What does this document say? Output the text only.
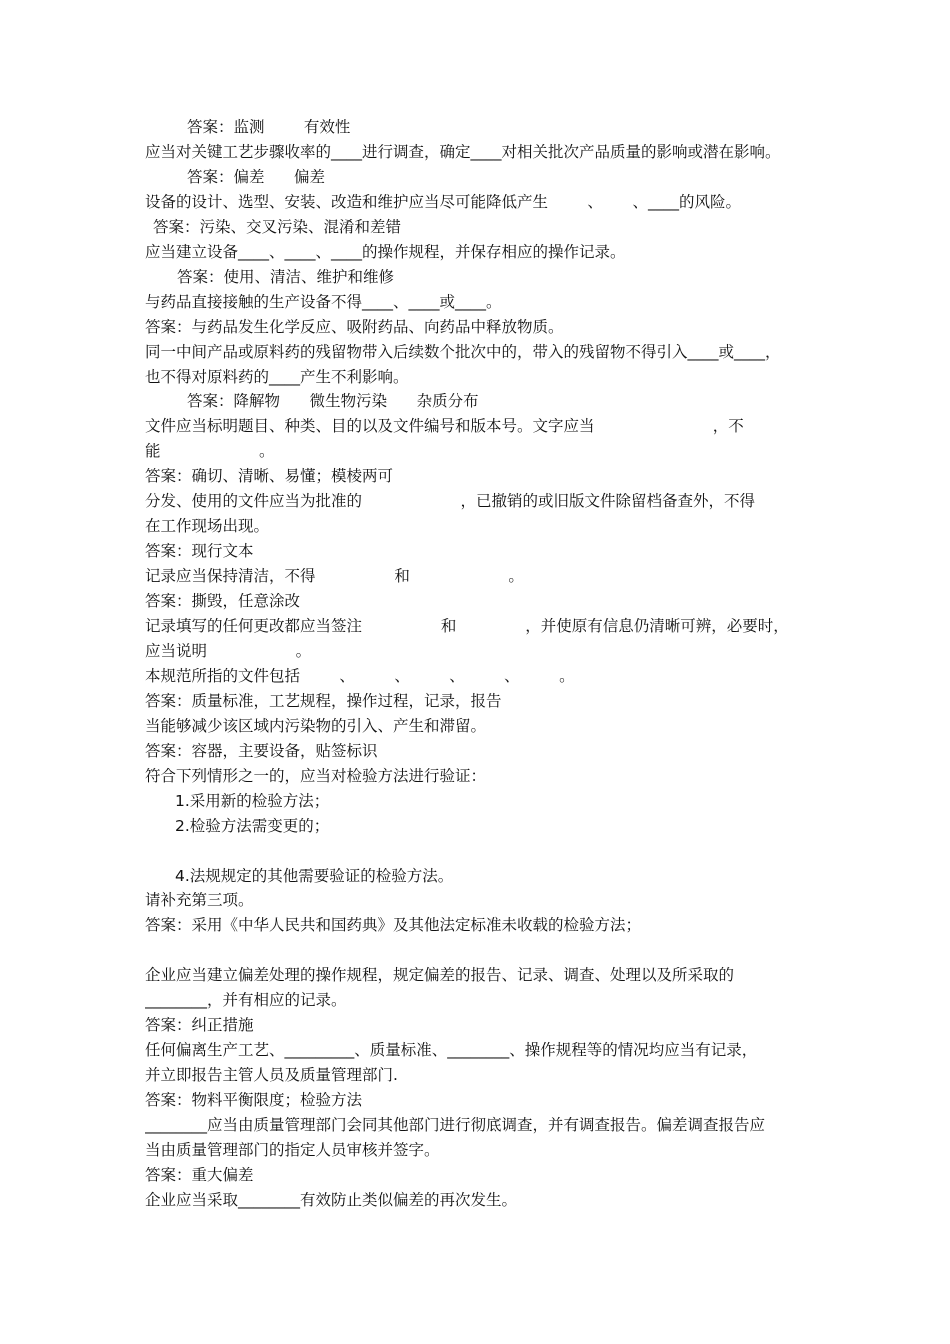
答案：监测        有效性
应当对关键工艺步骤收率的____进行调查，确定____对相关批次产品质量的影响或潜在影响。
答案：偏差      偏差
设备的设计、选型、安装、改造和维护应当尽可能降低产生        、      、____的风险。
答案：污染、交叉污染、混淆和差错
应当建立设备____、____、____的操作规程，并保存相应的操作记录。
答案：使用、清洁、维护和维修
与药品直接接触的生产设备不得____、____或____。
答案：与药品发生化学反应、吸附药品、向药品中释放物质。
同一中间产品或原料药的残留物带入后续数个批次中的，带入的残留物不得引入____或____，
也不得对原料药的____产生不利影响。
答案：降解物      微生物污染      杂质分布
文件应当标明题目、种类、目的以及文件编号和版本号。文字应当                        ，不
能                    。
答案：确切、清晰、易懂；模棱两可
分发、使用的文件应当为批准的                    ，已撤销的或旧版文件除留档备查外，不得
在工作现场出现。
答案：现行文本
记录应当保持清洁，不得                和                    。
答案：撕毁，任意涂改
记录填写的任何更改都应当签注                和              ，并使原有信息仍清晰可辨，必要时，
应当说明                  。
本规范所指的文件包括        、        、        、        、        。
答案：质量标准，工艺规程，操作过程，记录，报告
当能够减少该区域内污染物的引入、产生和滞留。
答案：容器，主要设备，贴签标识
符合下列情形之一的，应当对检验方法进行验证：
1.采用新的检验方法；
2.检验方法需变更的；
4.法规规定的其他需要验证的检验方法。
请补充第三项。
答案：采用《中华人民共和国药典》及其他法定标准未收载的检验方法；
企业应当建立偏差处理的操作规程，规定偏差的报告、记录、调查、处理以及所采取的
________，并有相应的记录。
答案：纠正措施
任何偏离生产工艺、_________、质量标准、________、操作规程等的情况均应当有记录，
并立即报告主管人员及质量管理部门.
答案：物料平衡限度；检验方法
________应当由质量管理部门会同其他部门进行彻底调查，并有调查报告。偏差调查报告应
当由质量管理部门的指定人员审核并签字。
答案：重大偏差
企业应当采取________有效防止类似偏差的再次发生。
